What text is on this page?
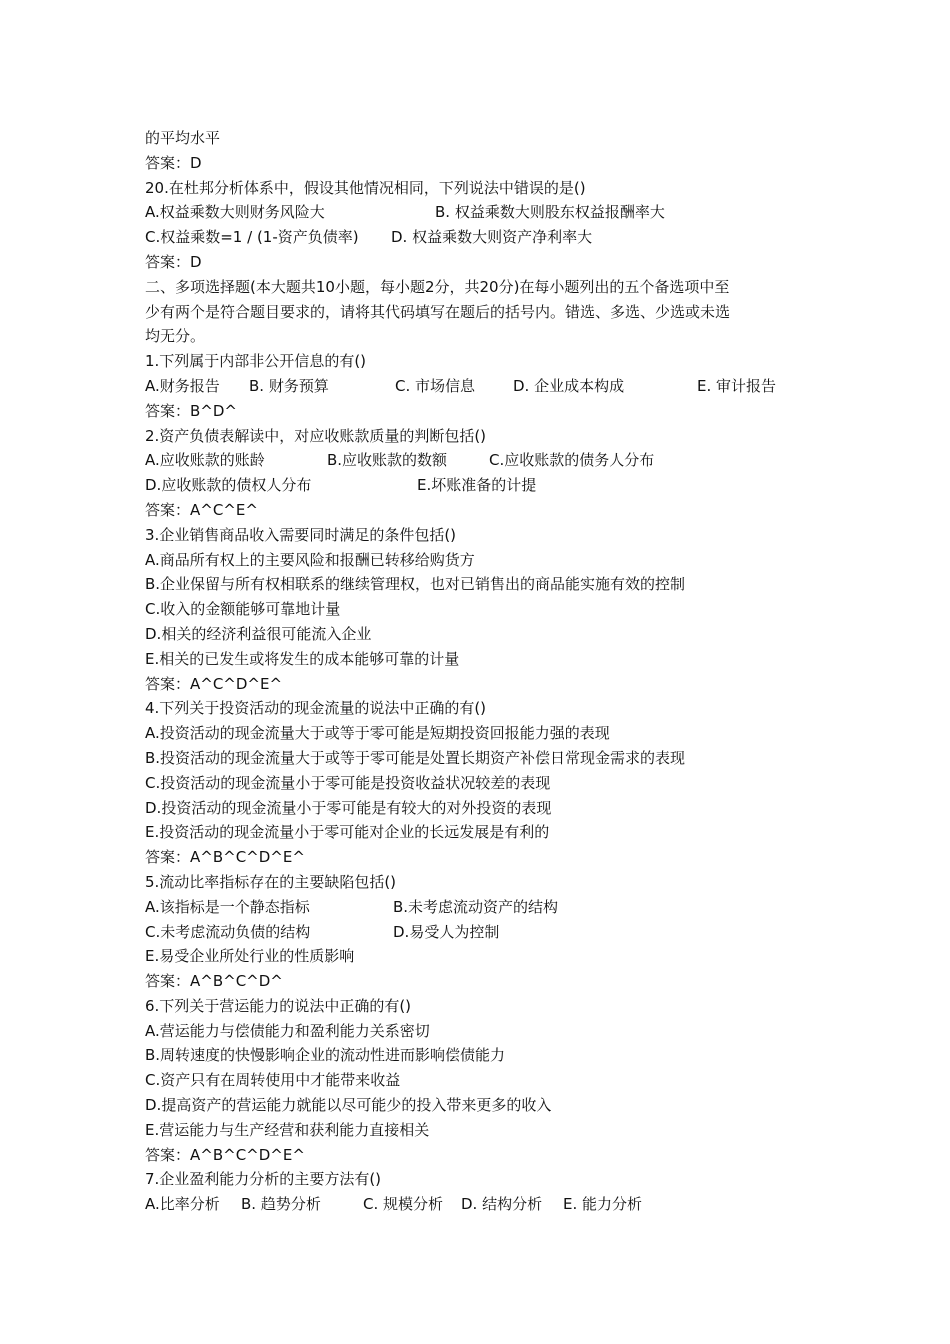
的平均水平
答案：D
20.在杜邦分析体系中，假设其他情况相同，下列说法中错误的是()
A.权益乘数大则财务风险大	B. 权益乘数大则股东权益报酬率大
C.权益乘数=1 / (1-资产负债率) D. 权益乘数大则资产净利率大
答案：D
二、多项选择题(本大题共10小题，每小题2分，共20分)在每小题列出的五个备选项中至
少有两个是符合题目要求的，请将其代码填写在题后的括号内。错选、多选、少选或未选
均无分。
1.下列属于内部非公开信息的有()
A.财务报告 B. 财务预算	C. 市场信息	D. 企业成本构成	E. 审计报告
答案：B^D^
2.资产负债表解读中，对应收账款质量的判断包括()
A.应收账款的账龄	B.应收账款的数额	C.应收账款的债务人分布
D.应收账款的债权人分布	E.坏账准备的计提
答案：A^C^E^
3.企业销售商品收入需要同时满足的条件包括()
A.商品所有权上的主要风险和报酬已转移给购货方
B.企业保留与所有权相联系的继续管理权，也对已销售出的商品能实施有效的控制
C.收入的金额能够可靠地计量
D.相关的经济利益很可能流入企业
E.相关的已发生或将发生的成本能够可靠的计量
答案：A^C^D^E^
4.下列关于投资活动的现金流量的说法中正确的有()
A.投资活动的现金流量大于或等于零可能是短期投资回报能力强的表现
B.投资活动的现金流量大于或等于零可能是处置长期资产补偿日常现金需求的表现
C.投资活动的现金流量小于零可能是投资收益状况较差的表现
D.投资活动的现金流量小于零可能是有较大的对外投资的表现
E.投资活动的现金流量小于零可能对企业的长远发展是有利的
答案：A^B^C^D^E^
5.流动比率指标存在的主要缺陷包括()
A.该指标是一个静态指标	B.未考虑流动资产的结构
C.未考虑流动负债的结构	D.易受人为控制
E.易受企业所处行业的性质影响
答案：A^B^C^D^
6.下列关于营运能力的说法中正确的有()
A.营运能力与偿债能力和盈利能力关系密切
B.周转速度的快慢影响企业的流动性进而影响偿债能力
C.资产只有在周转使用中才能带来收益
D.提高资产的营运能力就能以尽可能少的投入带来更多的收入
E.营运能力与生产经营和获利能力直接相关
答案：A^B^C^D^E^
7.企业盈利能力分析的主要方法有()
A.比率分析 B. 趋势分析	C. 规模分析 D. 结构分析 E. 能力分析
